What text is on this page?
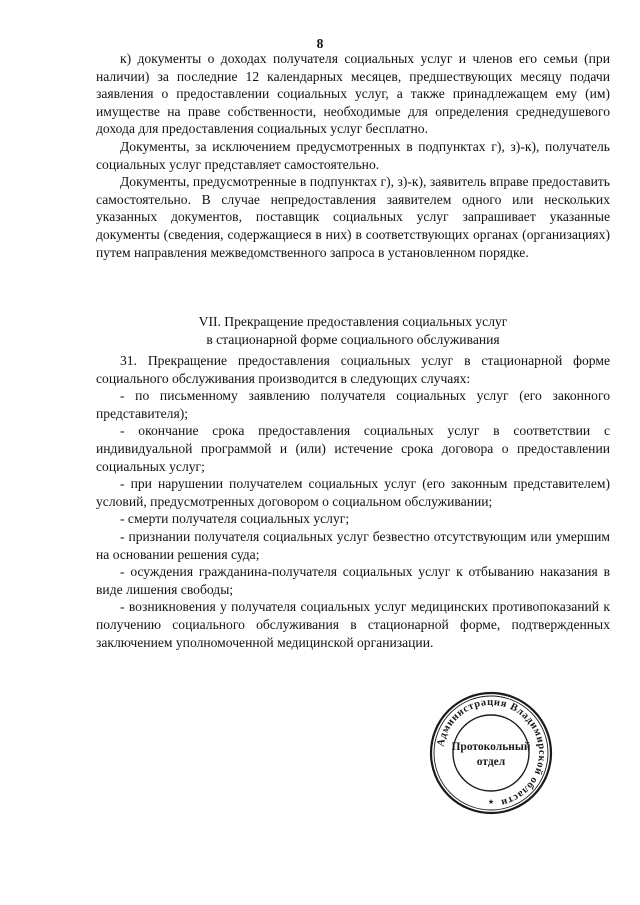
8

к) документы о доходах получателя социальных услуг и членов его семьи (при наличии) за последние 12 календарных месяцев, предшествующих месяцу подачи заявления о предоставлении социальных услуг, а также принадлежащем ему (им) имуществе на праве собственности, необходимые для определения среднедушевого дохода для предоставления социальных услуг бесплатно.

Документы, за исключением предусмотренных в подпунктах г), з)-к), получатель социальных услуг представляет самостоятельно.

Документы, предусмотренные в подпунктах г), з)-к), заявитель вправе предоставить самостоятельно. В случае непредоставления заявителем одного или нескольких указанных документов, поставщик социальных услуг запрашивает указанные документы (сведения, содержащиеся в них) в соответствующих органах (организациях) путем направления межведомственного запроса в установленном порядке.

VII. Прекращение предоставления социальных услуг
в стационарной форме социального обслуживания

31. Прекращение предоставления социальных услуг в стационарной форме социального обслуживания производится в следующих случаях:

- по письменному заявлению получателя социальных услуг (его законного представителя);

- окончание срока предоставления социальных услуг в соответствии с индивидуальной программой и (или) истечение срока договора о предоставлении социальных услуг;

- при нарушении получателем социальных услуг (его законным представителем) условий, предусмотренных договором о социальном обслуживании;

- смерти получателя социальных услуг;

- признании получателя социальных услуг безвестно отсутствующим или умершим на основании решения суда;

- осуждения гражданина-получателя социальных услуг к отбыванию наказания в виде лишения свободы;

- возникновения у получателя социальных услуг медицинских противопоказаний к получению социального обслуживания в стационарной форме, подтвержденных заключением уполномоченной медицинской организации.

Администрация Владимирской области
Протокольный
отдел
★
